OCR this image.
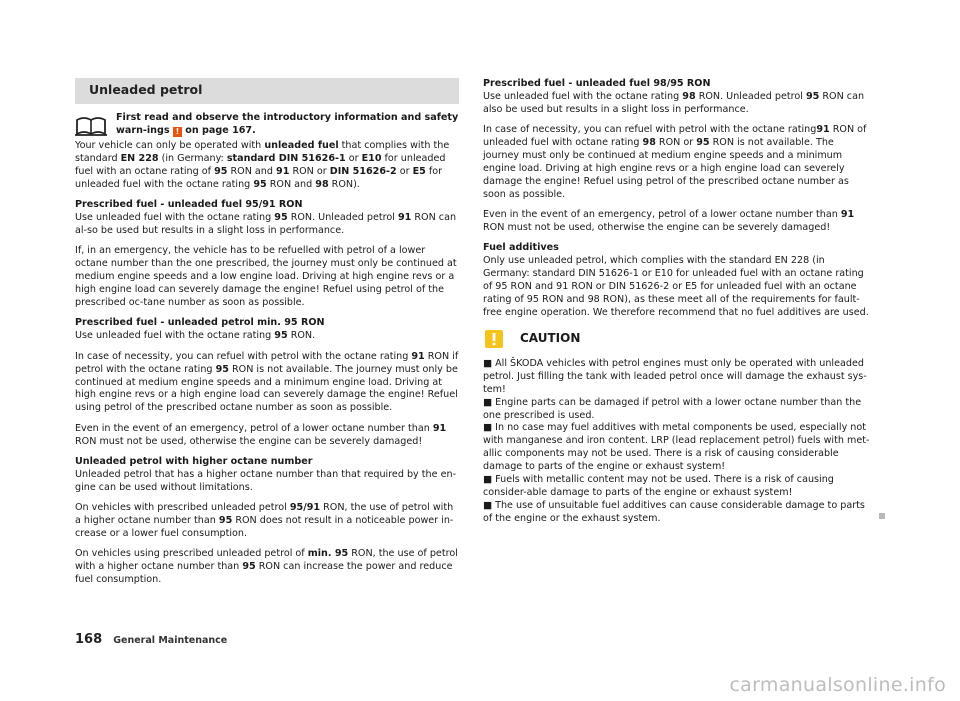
Unleaded petrol
First read and observe the introductory information and safety warn-ings ! on page 167.

Your vehicle can only be operated with unleaded fuel that complies with the standard EN 228 (in Germany: standard DIN 51626-1 or E10 for unleaded fuel with an octane rating of 95 RON and 91 RON or DIN 51626-2 or E5 for unleaded fuel with the octane rating 95 RON and 98 RON).

Prescribed fuel - unleaded fuel 95/91 RON
Use unleaded fuel with the octane rating 95 RON. Unleaded petrol 91 RON can al-so be used but results in a slight loss in performance.

If, in an emergency, the vehicle has to be refuelled with petrol of a lower octane number than the one prescribed, the journey must only be continued at medium engine speeds and a low engine load. Driving at high engine revs or a high engine load can severely damage the engine! Refuel using petrol of the prescribed oc-tane number as soon as possible.

Prescribed fuel - unleaded petrol min. 95 RON
Use unleaded fuel with the octane rating 95 RON.

In case of necessity, you can refuel with petrol with the octane rating 91 RON if petrol with the octane rating 95 RON is not available. The journey must only be continued at medium engine speeds and a minimum engine load. Driving at high engine revs or a high engine load can severely damage the engine! Refuel using petrol of the prescribed octane number as soon as possible.

Even in the event of an emergency, petrol of a lower octane number than 91 RON must not be used, otherwise the engine can be severely damaged!

Unleaded petrol with higher octane number
Unleaded petrol that has a higher octane number than that required by the en-gine can be used without limitations.

On vehicles with prescribed unleaded petrol 95/91 RON, the use of petrol with a higher octane number than 95 RON does not result in a noticeable power in-crease or a lower fuel consumption.

On vehicles using prescribed unleaded petrol of min. 95 RON, the use of petrol with a higher octane number than 95 RON can increase the power and reduce fuel consumption.

Prescribed fuel - unleaded fuel 98/95 RON
Use unleaded fuel with the octane rating 98 RON. Unleaded petrol 95 RON can also be used but results in a slight loss in performance.

In case of necessity, you can refuel with petrol with the octane rating91 RON of unleaded fuel with octane rating 98 RON or 95 RON is not available. The journey must only be continued at medium engine speeds and a minimum engine load. Driving at high engine revs or a high engine load can severely damage the engine! Refuel using petrol of the prescribed octane number as soon as possible.

Even in the event of an emergency, petrol of a lower octane number than 91 RON must not be used, otherwise the engine can be severely damaged!

Fuel additives
Only use unleaded petrol, which complies with the standard EN 228 (in Germany: standard DIN 51626-1 or E10 for unleaded fuel with an octane rating of 95 RON and 91 RON or DIN 51626-2 or E5 for unleaded fuel with an octane rating of 95 RON and 98 RON), as these meet all of the requirements for fault-free engine operation. We therefore recommend that no fuel additives are used.

CAUTION
■ All ŠKODA vehicles with petrol engines must only be operated with unleaded petrol. Just filling the tank with leaded petrol once will damage the exhaust sys-tem!
■ Engine parts can be damaged if petrol with a lower octane number than the one prescribed is used.
■ In no case may fuel additives with metal components be used, especially not with manganese and iron content. LRP (lead replacement petrol) fuels with met-allic components may not be used. There is a risk of causing considerable damage to parts of the engine or exhaust system!
■ Fuels with metallic content may not be used. There is a risk of causing consider-able damage to parts of the engine or exhaust system!
■ The use of unsuitable fuel additives can cause considerable damage to parts of the engine or the exhaust system.
168 General Maintenance
carmanualsonline.info
